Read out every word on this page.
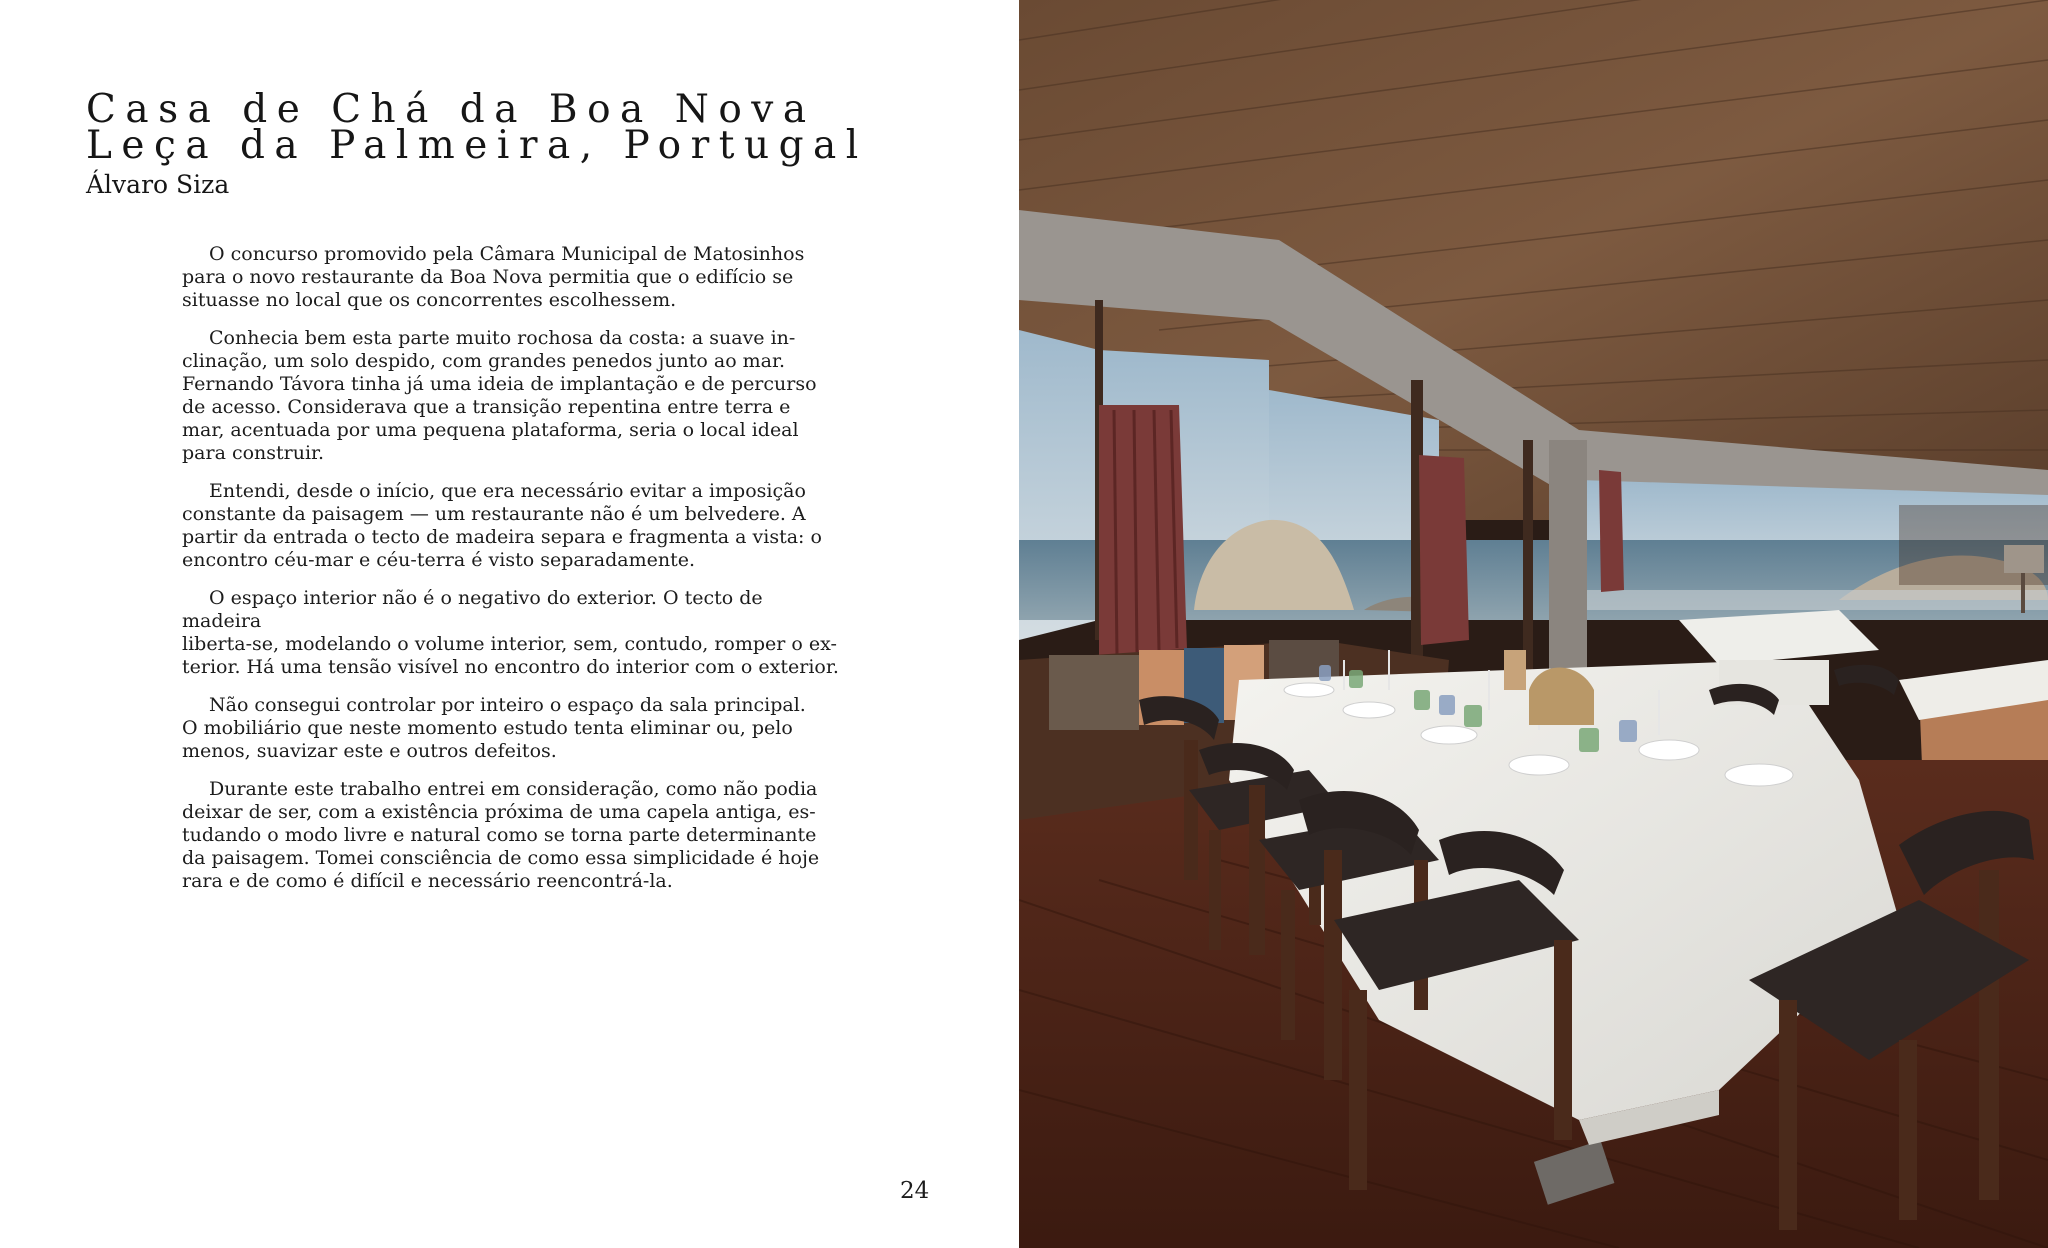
Casa de Chá da Boa Nova
Leça da Palmeira, Portugal
Álvaro Siza

O concurso promovido pela Câmara Municipal de Matosinhos
para o novo restaurante da Boa Nova permitia que o edifício se
situasse no local que os concorrentes escolhessem.

Conhecia bem esta parte muito rochosa da costa: a suave in-
clinação, um solo despido, com grandes penedos junto ao mar.
Fernando Távora tinha já uma ideia de implantação e de percurso
de acesso. Considerava que a transição repentina entre terra e
mar, acentuada por uma pequena plataforma, seria o local ideal
para construir.

Entendi, desde o início, que era necessário evitar a imposição
constante da paisagem — um restaurante não é um belvedere. A
partir da entrada o tecto de madeira separa e fragmenta a vista: o
encontro céu-mar e céu-terra é visto separadamente.

O espaço interior não é o negativo do exterior. O tecto de madeira
liberta-se, modelando o volume interior, sem, contudo, romper o ex-
terior. Há uma tensão visível no encontro do interior com o exterior.

Não consegui controlar por inteiro o espaço da sala principal.
O mobiliário que neste momento estudo tenta eliminar ou, pelo
menos, suavizar este e outros defeitos.

Durante este trabalho entrei em consideração, como não podia
deixar de ser, com a existência próxima de uma capela antiga, es-
tudando o modo livre e natural como se torna parte determinante
da paisagem. Tomei consciência de como essa simplicidade é hoje
rara e de como é difícil e necessário reencontrá-la.

24
